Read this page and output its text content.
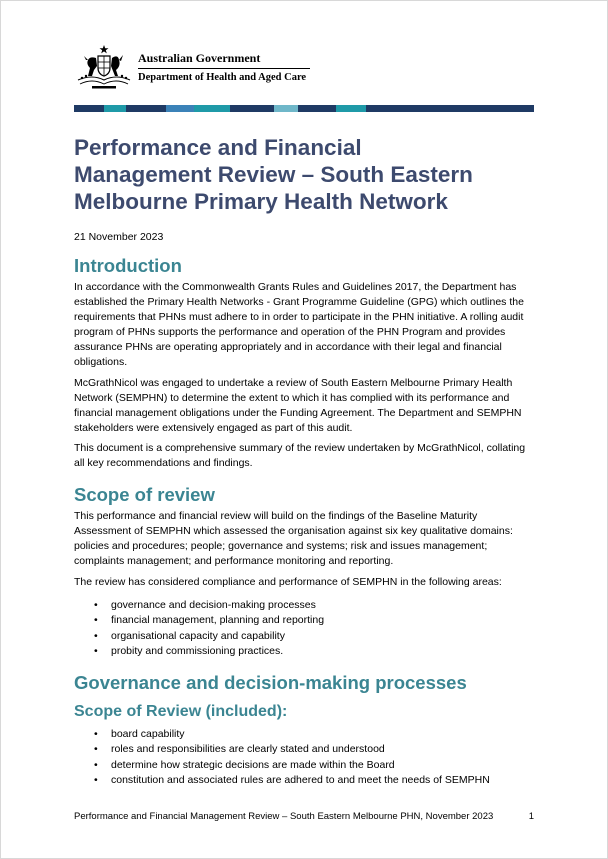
Australian Government
Department of Health and Aged Care
Performance and Financial
Management Review – South Eastern
Melbourne Primary Health Network
21 November 2023
Introduction

In accordance with the Commonwealth Grants Rules and Guidelines 2017, the Department has established the Primary Health Networks - Grant Programme Guideline (GPG) which outlines the requirements that PHNs must adhere to in order to participate in the PHN initiative. A rolling audit program of PHNs supports the performance and operation of the PHN Program and provides assurance PHNs are operating appropriately and in accordance with their legal and financial obligations.

McGrathNicol was engaged to undertake a review of South Eastern Melbourne Primary Health Network (SEMPHN) to determine the extent to which it has complied with its performance and financial management obligations under the Funding Agreement. The Department and SEMPHN stakeholders were extensively engaged as part of this audit.

This document is a comprehensive summary of the review undertaken by McGrathNicol, collating all key recommendations and findings.

Scope of review

This performance and financial review will build on the findings of the Baseline Maturity Assessment of SEMPHN which assessed the organisation against six key qualitative domains: policies and procedures; people; governance and systems; risk and issues management; complaints management; and performance monitoring and reporting.

The review has considered compliance and performance of SEMPHN in the following areas:

• governance and decision-making processes
• financial management, planning and reporting
• organisational capacity and capability
• probity and commissioning practices.
Governance and decision-making processes
Scope of Review (included):
• board capability
• roles and responsibilities are clearly stated and understood
• determine how strategic decisions are made within the Board
• constitution and associated rules are adhered to and meet the needs of SEMPHN
Performance and Financial Management Review – South Eastern Melbourne PHN, November 2023	1
